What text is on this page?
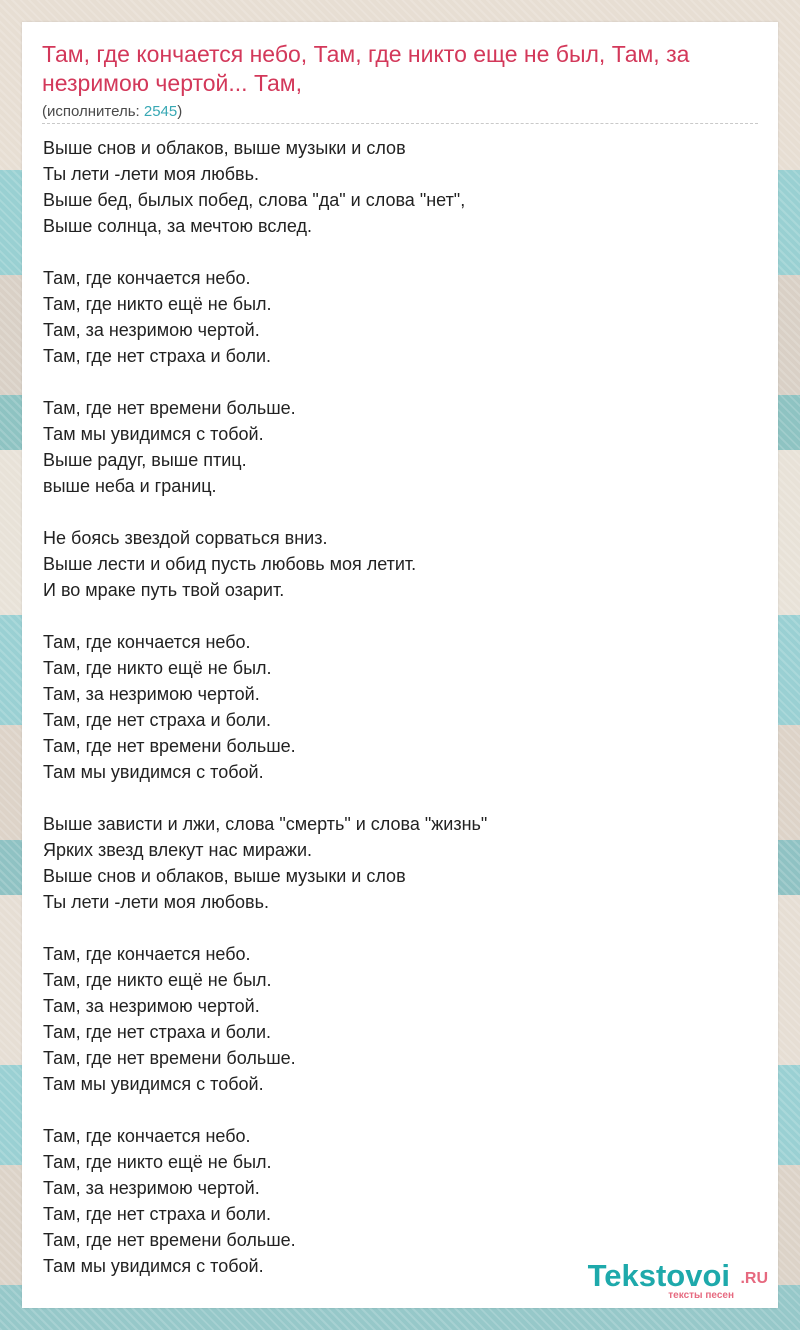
Там, где кончается небо, Там, где никто еще не был, Там, за незримою чертой... Там,
(исполнитель: 2545)
Выше снов и облаков, выше музыки и слов
Ты лети -лети моя любвь.
Выше бед, былых побед, слова "да" и слова "нет",
Выше солнца, за мечтою вслед.

Там, где кончается небо.
Там, где никто ещё не был.
Там, за незримою чертой.
Там, где нет страха и боли.

Там, где нет времени больше.
Там мы увидимся с тобой.
Выше радуг, выше птиц.
выше неба и границ.

Не боясь звездой сорваться вниз.
Выше лести и обид пусть любовь моя летит.
И во мраке путь твой озарит.

Там, где кончается небо.
Там, где никто ещё не был.
Там, за незримою чертой.
Там, где нет страха и боли.
Там, где нет времени больше.
Там мы увидимся с тобой.

Выше зависти и лжи, слова "смерть" и слова "жизнь"
Ярких звезд влекут нас миражи.
Выше снов и облаков, выше музыки и слов
Ты лети -лети моя любовь.

Там, где кончается небо.
Там, где никто ещё не был.
Там, за незримою чертой.
Там, где нет страха и боли.
Там, где нет времени больше.
Там мы увидимся с тобой.

Там, где кончается небо.
Там, где никто ещё не был.
Там, за незримою чертой.
Там, где нет страха и боли.
Там, где нет времени больше.
Там мы увидимся с тобой.	Tekstovoi .RU
тексты песен
